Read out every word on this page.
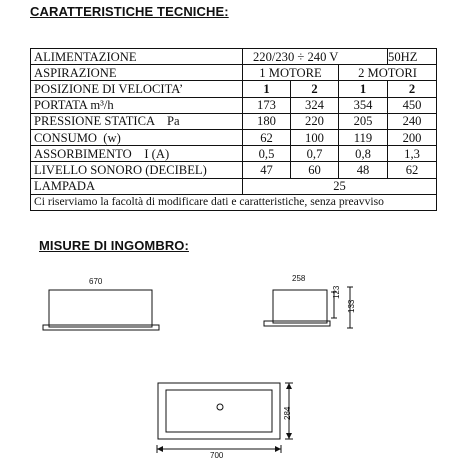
CARATTERISTICHE TECNICHE:
ALIMENTAZIONE	220/230 ÷ 240 V			50HZ
ASPIRAZIONE	1 MOTORE		2 MOTORI	
POSIZIONE DI VELOCITA’	1	2	1	2
PORTATA m³/h	173	324	354	450
PRESSIONE STATICA    Pa	180	220	205	240
CONSUMO  (w)	62	100	119	200
ASSORBIMENTO    I (A)	0,5	0,7	0,8	1,3
LIVELLO SONORO (DECIBEL)	47	60	48	62
LAMPADA	25			
Ci riserviamo la facoltà di modificare dati e caratteristiche, senza preavviso				
MISURE DI INGOMBRO:
670	258
123
133
700
284
